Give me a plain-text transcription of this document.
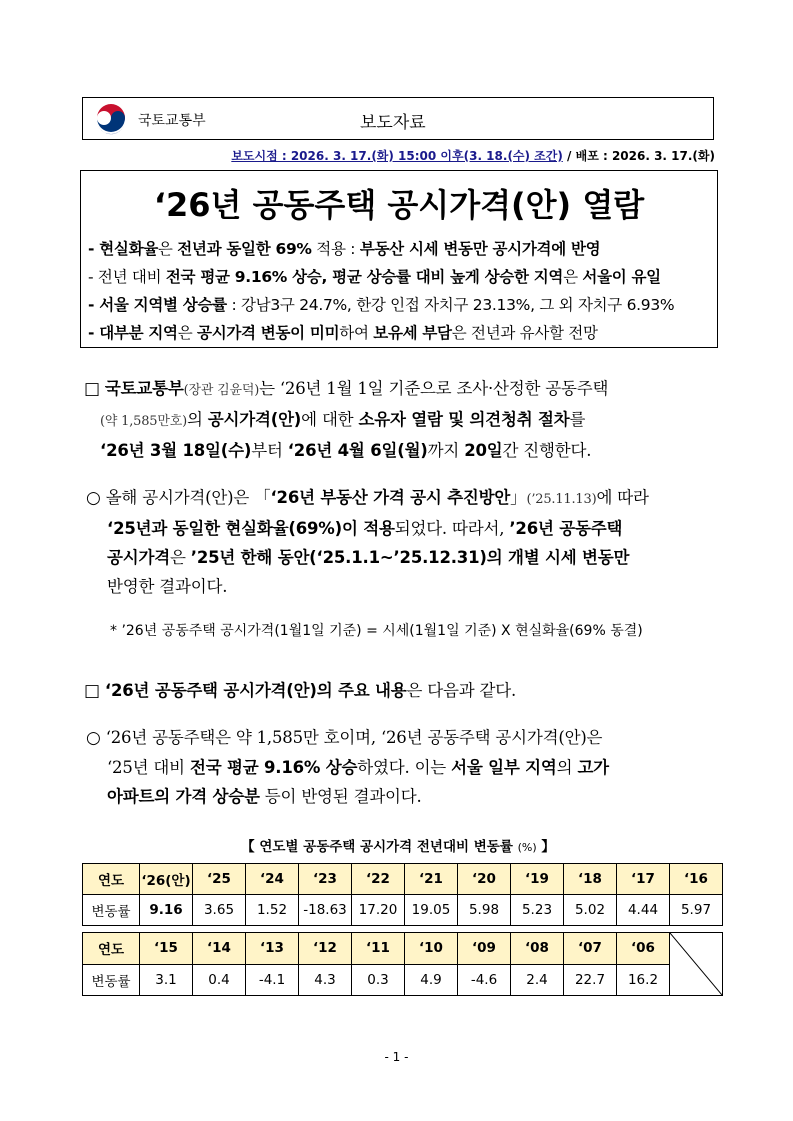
국토교통부	보도자료
보도시점 : 2026. 3. 17.(화) 15:00 이후(3. 18.(수) 조간) / 배포 : 2026. 3. 17.(화)
‘26년 공동주택 공시가격(안) 열람
- 현실화율은 전년과 동일한 69% 적용 : 부동산 시세 변동만 공시가격에 반영
- 전년 대비 전국 평균 9.16% 상승, 평균 상승률 대비 높게 상승한 지역은 서울이 유일
- 서울 지역별 상승률 : 강남3구 24.7%, 한강 인접 자치구 23.13%, 그 외 자치구 6.93%
- 대부분 지역은 공시가격 변동이 미미하여 보유세 부담은 전년과 유사할 전망
□ 국토교통부(장관 김윤덕)는 ‘26년 1월 1일 기준으로 조사·산정한 공동주택
(약 1,585만호)의 공시가격(안)에 대한 소유자 열람 및 의견청취 절차를
‘26년 3월 18일(수)부터 ‘26년 4월 6일(월)까지 20일간 진행한다.
○ 올해 공시가격(안)은 「‘26년 부동산 가격 공시 추진방안」(’25.11.13)에 따라
‘25년과 동일한 현실화율(69%)이 적용되었다. 따라서, ’26년 공동주택
공시가격은 ’25년 한해 동안(‘25.1.1~’25.12.31)의 개별 시세 변동만
반영한 결과이다.
* ’26년 공동주택 공시가격(1월1일 기준) = 시세(1월1일 기준) X 현실화율(69% 동결)
□ ‘26년 공동주택 공시가격(안)의 주요 내용은 다음과 같다.
○ ‘26년 공동주택은 약 1,585만 호이며, ‘26년 공동주택 공시가격(안)은
‘25년 대비 전국 평균 9.16% 상승하였다. 이는 서울 일부 지역의 고가
아파트의 가격 상승분 등이 반영된 결과이다.
【 연도별 공동주택 공시가격 전년대비 변동률 (%) 】
연도	‘26(안)	‘25	‘24	‘23	‘22	‘21	‘20	‘19	‘18	‘17	‘16
변동률	9.16	3.65	1.52	-18.63	17.20	19.05	5.98	5.23	5.02	4.44	5.97
연도	‘15	‘14	‘13	‘12	‘11	‘10	‘09	‘08	‘07	‘06	

변동률	3.1	0.4	-4.1	4.3	0.3	4.9	-4.6	2.4	22.7	16.2	
- 1 -
